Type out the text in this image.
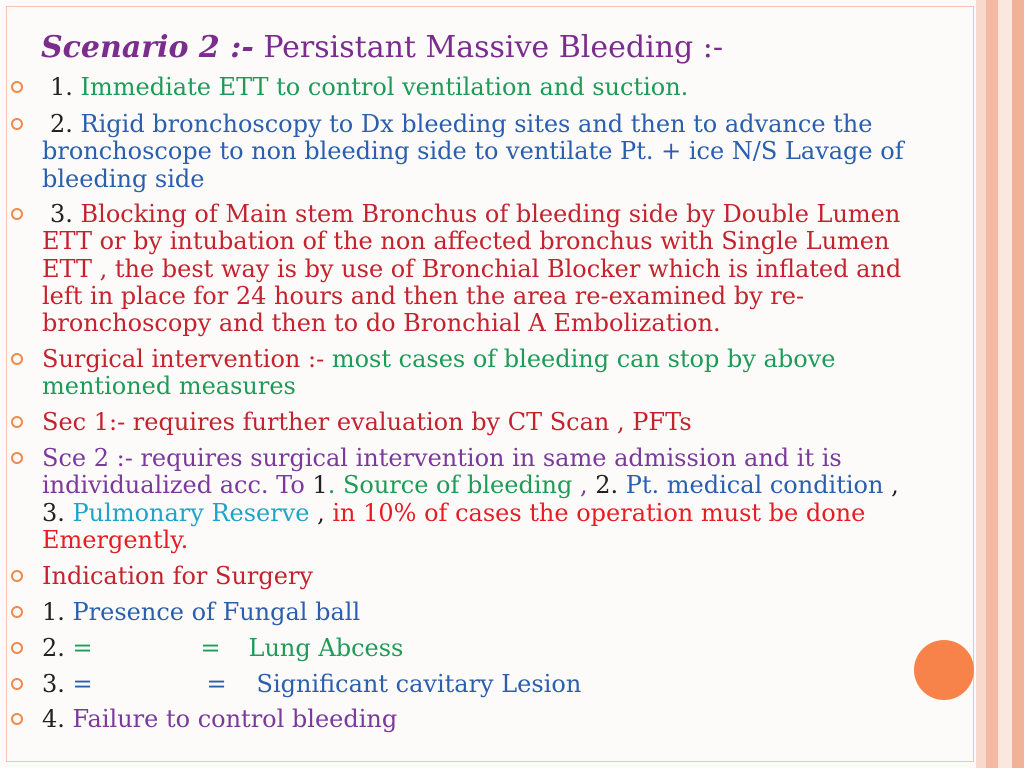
Scenario 2 :- Persistant Massive Bleeding :-
1. Immediate ETT to control ventilation and suction.
2. Rigid bronchoscopy to Dx bleeding sites and then to advance the
bronchoscope to non bleeding side to ventilate Pt. + ice N/S Lavage of
bleeding side
3. Blocking of Main stem Bronchus of bleeding side by Double Lumen
ETT or by intubation of the non affected bronchus with Single Lumen
ETT , the best way is by use of Bronchial Blocker which is inflated and
left in place for 24 hours and then the area re-examined by re-
bronchoscopy and then to do Bronchial A Embolization.
Surgical intervention :- most cases of bleeding can stop by above
mentioned measures
Sec 1:- requires further evaluation by CT Scan , PFTs
Sce 2 :- requires surgical intervention in same admission and it is
individualized acc. To 1. Source of bleeding , 2. Pt. medical condition ,
3. Pulmonary Reserve , in 10% of cases the operation must be done
Emergently.
Indication for Surgery
1. Presence of Fungal ball
2. =	= Lung Abcess
3. =	= Significant cavitary Lesion
4. Failure to control bleeding
